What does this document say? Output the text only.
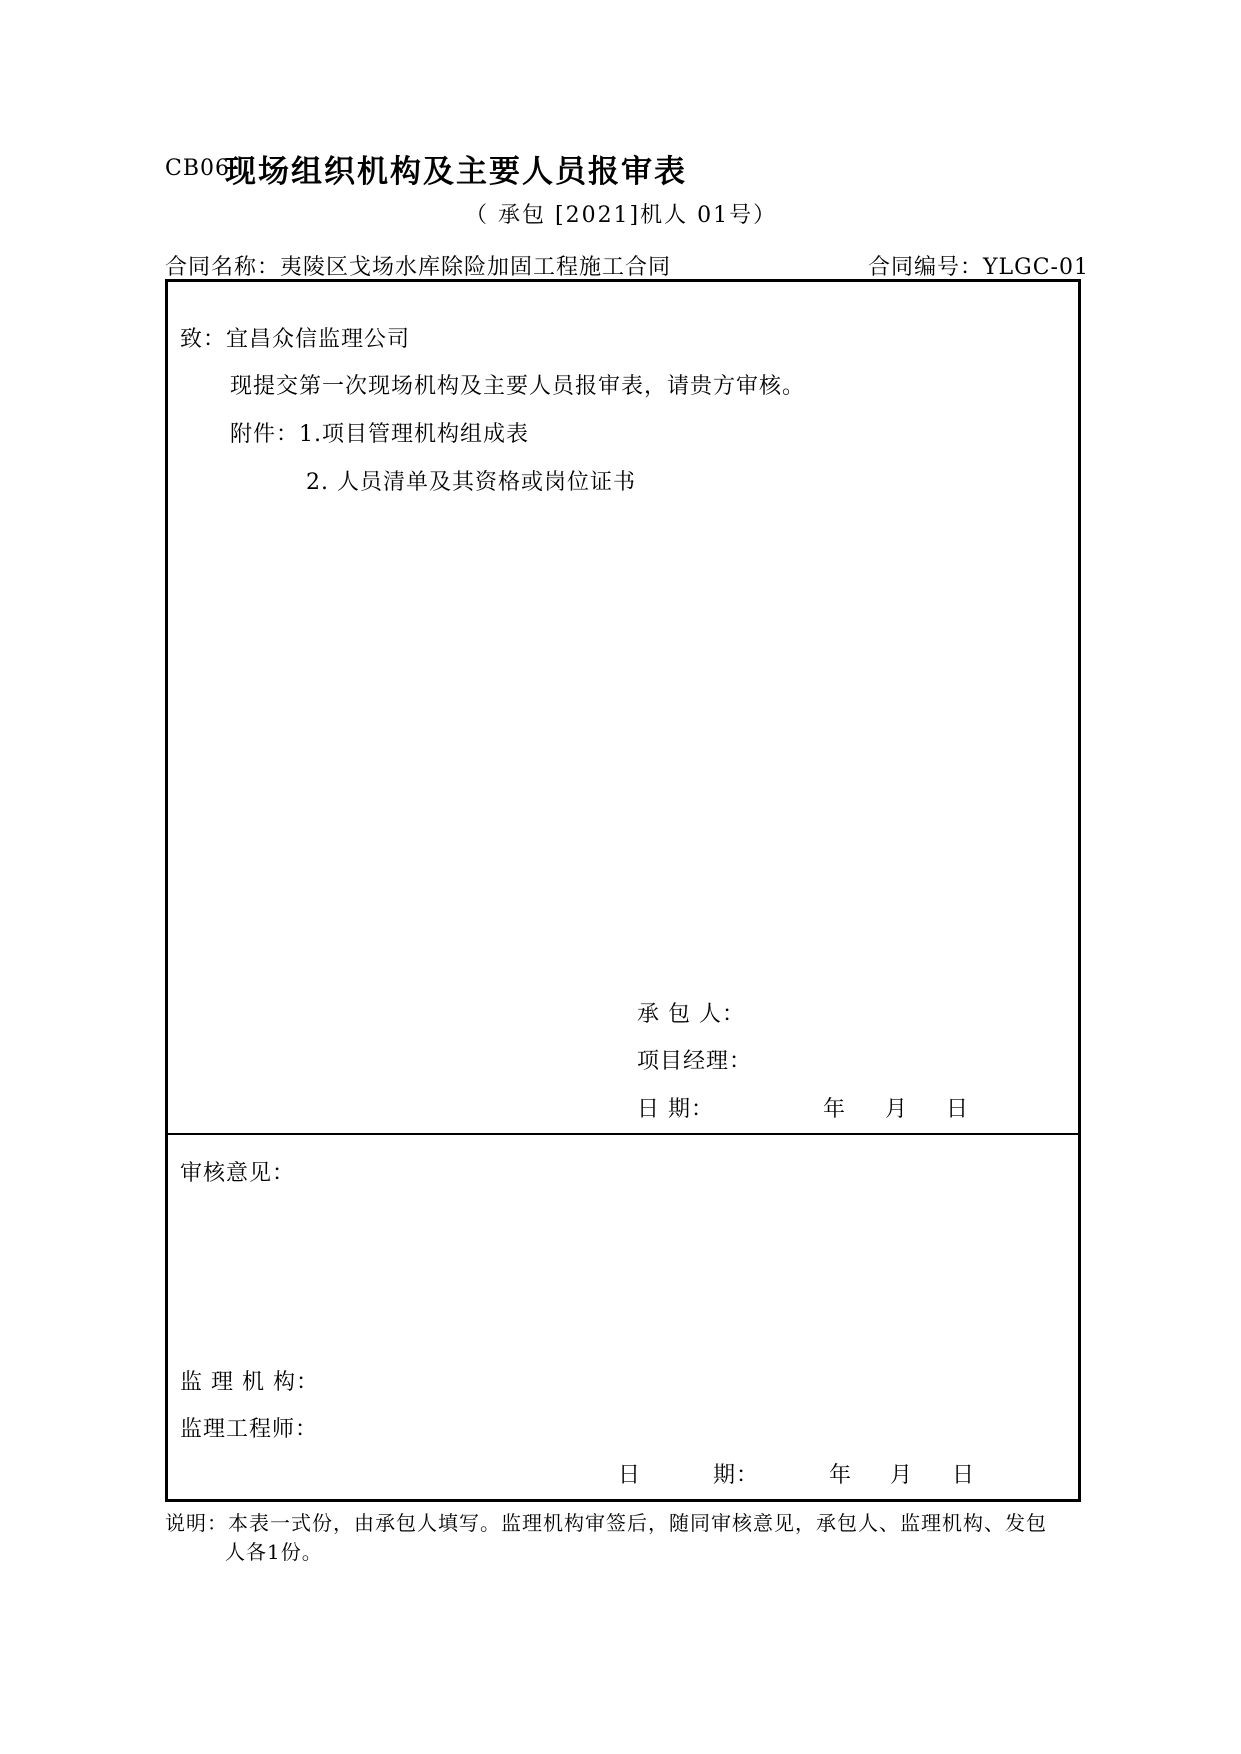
CB06
现场组织机构及主要人员报审表
（ 承包 [2021]机人 01号）
合同名称：夷陵区戈场水库除险加固工程施工合同	合同编号：YLGC-01
致：宜昌众信监理公司
现提交第一次现场机构及主要人员报审表，请贵方审核。
附件：1.项目管理机构组成表
2. 人员清单及其资格或岗位证书
承 包 人：
项目经理：
日 期：	年 月 日
审核意见：
监 理 机 构：
监理工程师：
日	期：	年 月 日
说明：本表一式份，由承包人填写。监理机构审签后，随同审核意见，承包人、监理机构、发包
人各1份。
